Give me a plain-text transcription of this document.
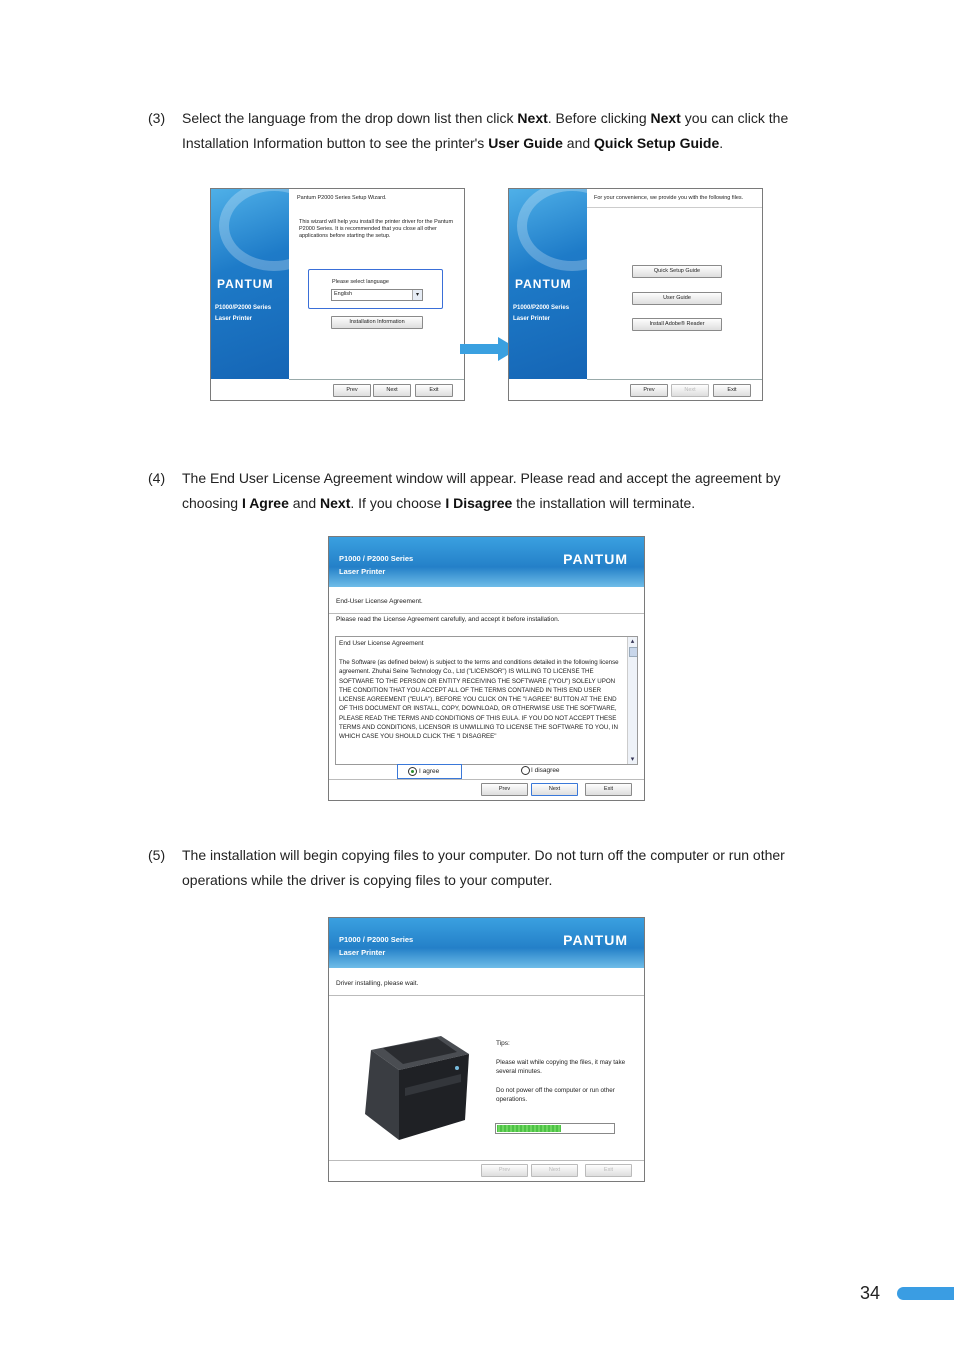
(3) Select the language from the drop down list then click Next. Before clicking Next you can click the Installation Information button to see the printer's User Guide and Quick Setup Guide.
PANTUM
P1000/P2000 Series
Laser Printer
Pantum P2000 Series Setup Wizard.
This wizard will help you install the printer driver for the Pantum P2000 Series. It is recommended that you close all other applications before starting the setup.
Please select language
English	▾
Installation Information
Prev	Next	Exit
PANTUM
P1000/P2000 Series
Laser Printer
For your convenience, we provide you with the following files.
Quick Setup Guide
User Guide
Install Adobe® Reader
Prev	Next	Exit
(4) The End User License Agreement window will appear. Please read and accept the agreement by choosing I Agree and Next. If you choose I Disagree the installation will terminate.
P1000 / P2000 Series
Laser Printer
PANTUM
End-User License Agreement.
Please read the License Agreement carefully, and accept it before installation.
End User License Agreement
The Software (as defined below) is subject to the terms and conditions detailed in the following license agreement. Zhuhai Seine Technology Co., Ltd ("LICENSOR") IS WILLING TO LICENSE THE SOFTWARE TO THE PERSON OR ENTITY RECEIVING THE SOFTWARE ("YOU") SOLELY UPON THE CONDITION THAT YOU ACCEPT ALL OF THE TERMS CONTAINED IN THIS END USER LICENSE AGREEMENT ("EULA"). BEFORE YOU CLICK ON THE "I AGREE" BUTTON AT THE END OF THIS DOCUMENT OR INSTALL, COPY, DOWNLOAD, OR OTHERWISE USE THE SOFTWARE, PLEASE READ THE TERMS AND CONDITIONS OF THIS EULA. IF YOU DO NOT ACCEPT THESE TERMS AND CONDITIONS, LICENSOR IS UNWILLING TO LICENSE THE SOFTWARE TO YOU, IN WHICH CASE YOU SHOULD CLICK THE "I DISAGREE"
▴
▾
I agree	I disagree
Prev	Next	Exit
(5) The installation will begin copying files to your computer. Do not turn off the computer or run other operations while the driver is copying files to your computer.
P1000 / P2000 Series
Laser Printer
PANTUM
Driver installing, please wait.
Tips:
Please wait while copying the files, it may take several minutes.
Do not power off the computer or run other operations.
Prev	Next	Exit
34
